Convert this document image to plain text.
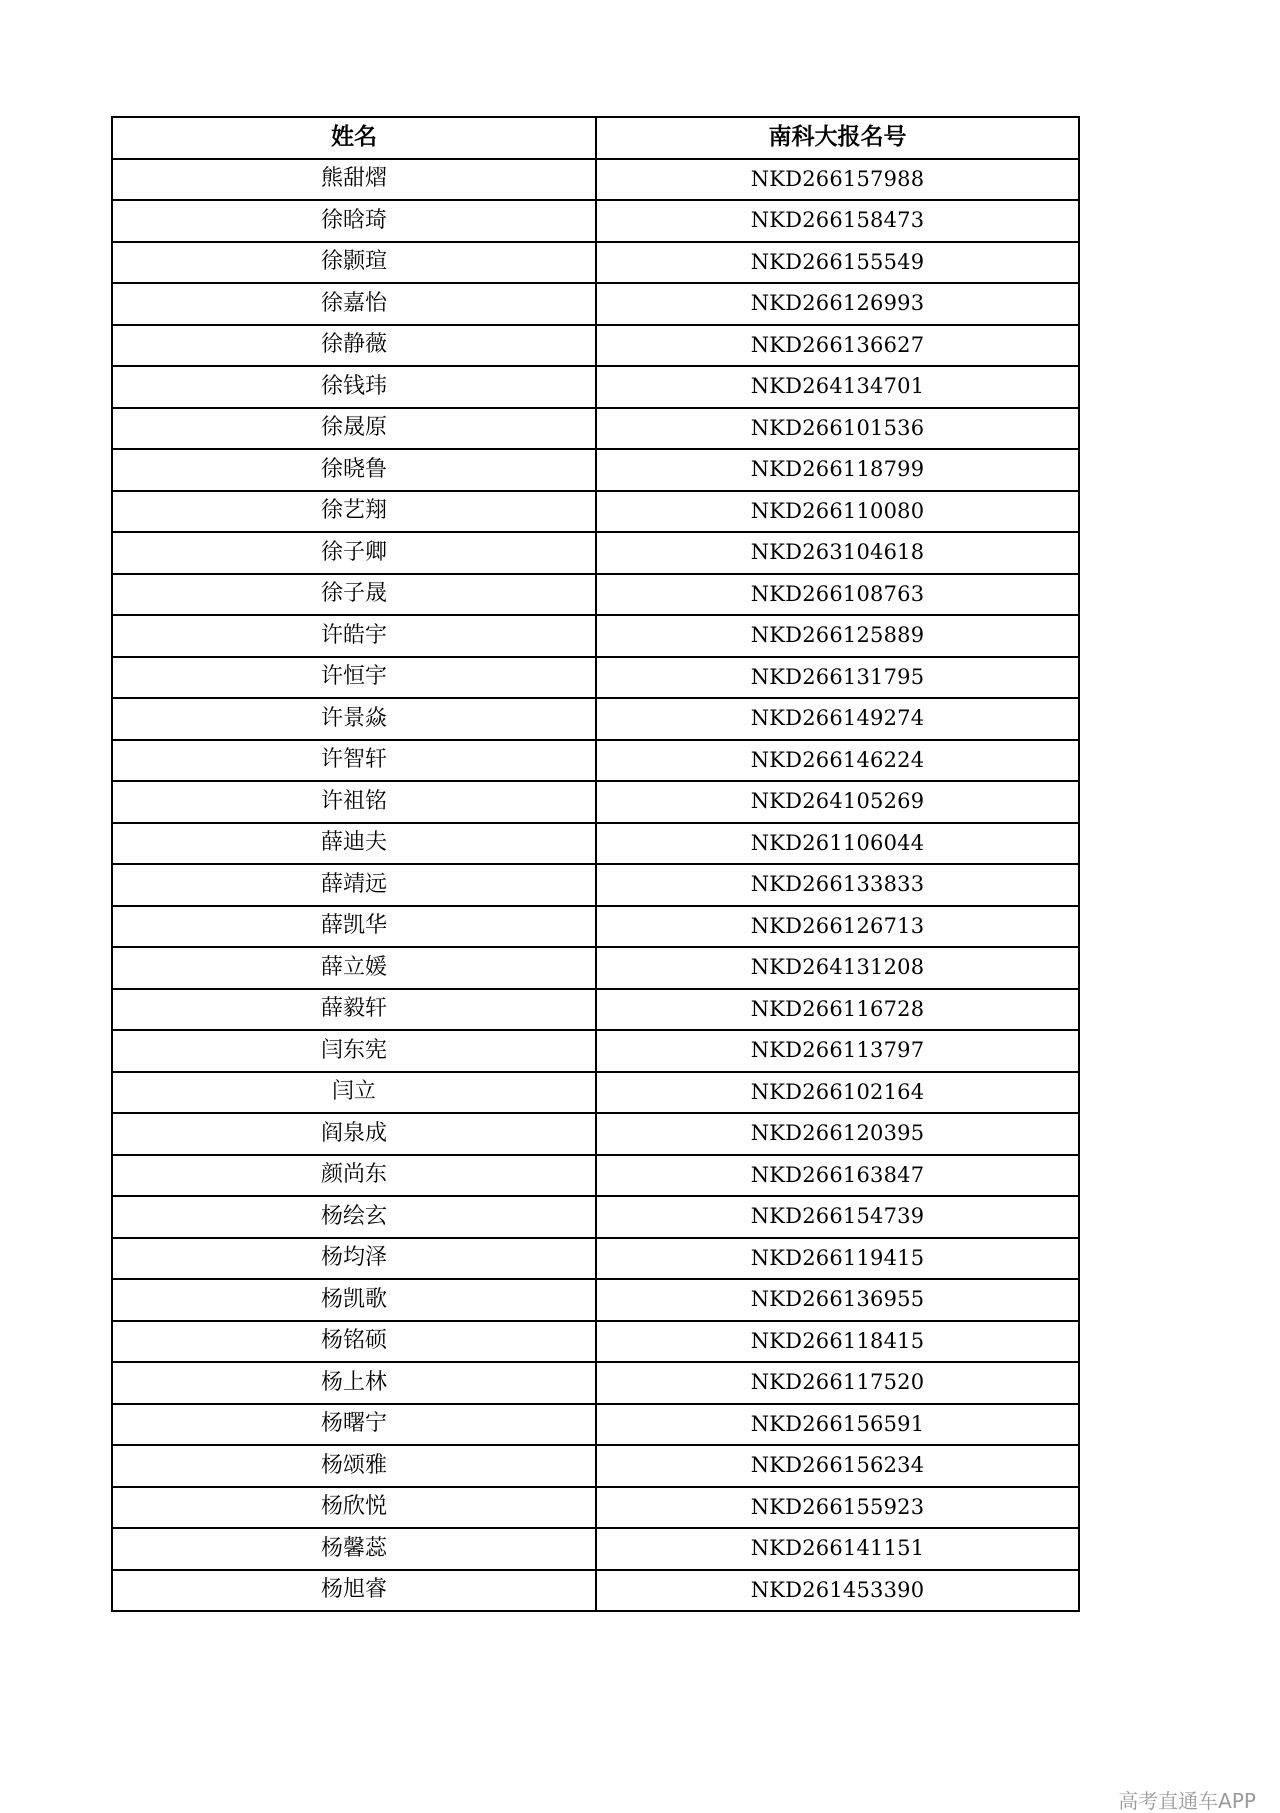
姓名	南科大报名号
熊甜熠	NKD266157988
徐晗琦	NKD266158473
徐颢瑄	NKD266155549
徐嘉怡	NKD266126993
徐静薇	NKD266136627
徐钱玮	NKD264134701
徐晟原	NKD266101536
徐晓鲁	NKD266118799
徐艺翔	NKD266110080
徐子卿	NKD263104618
徐子晟	NKD266108763
许皓宇	NKD266125889
许恒宇	NKD266131795
许景焱	NKD266149274
许智轩	NKD266146224
许祖铭	NKD264105269
薛迪夫	NKD261106044
薛靖远	NKD266133833
薛凯华	NKD266126713
薛立媛	NKD264131208
薛毅轩	NKD266116728
闫东宪	NKD266113797
闫立	NKD266102164
阎泉成	NKD266120395
颜尚东	NKD266163847
杨绘玄	NKD266154739
杨均泽	NKD266119415
杨凯歌	NKD266136955
杨铭硕	NKD266118415
杨上林	NKD266117520
杨曙宁	NKD266156591
杨颂雅	NKD266156234
杨欣悦	NKD266155923
杨馨蕊	NKD266141151
杨旭睿	NKD261453390
高考直通车APP
